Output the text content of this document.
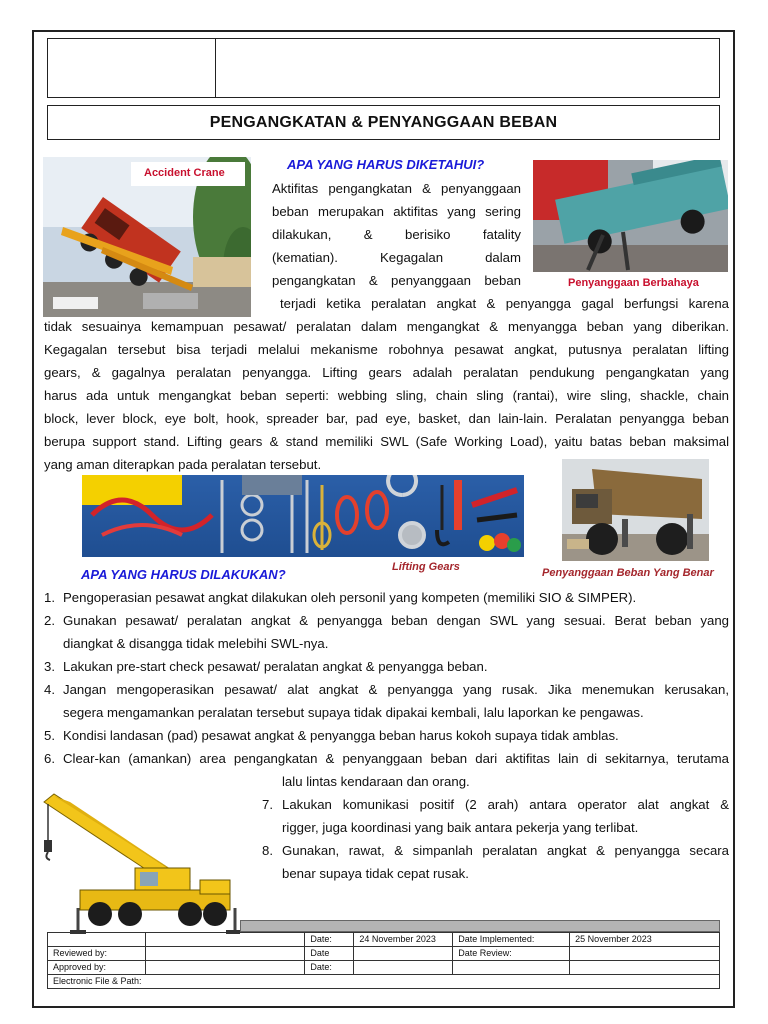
PENGANGKATAN & PENYANGGAAN BEBAN
Accident Crane
APA YANG HARUS DIKETAHUI?
Penyanggaan Berbahaya
Aktifitas pengangkatan & penyanggaan
beban merupakan aktifitas yang sering
dilakukan, & berisiko fatality
(kematian). Kegagalan dalam
pengangkatan & penyanggaan beban
terjadi ketika peralatan angkat & penyangga gagal berfungsi karena
tidak sesuainya kemampuan pesawat/ peralatan dalam mengangkat & menyangga beban yang diberikan.
Kegagalan tersebut bisa terjadi melalui mekanisme robohnya pesawat angkat, putusnya peralatan lifting
gears, & gagalnya peralatan penyangga. Lifting gears adalah peralatan pendukung pengangkatan yang
harus ada untuk mengangkat beban seperti: webbing sling, chain sling (rantai), wire sling, shackle, chain
block, lever block, eye bolt, hook, spreader bar, pad eye, basket, dan lain-lain. Peralatan penyangga beban
berupa support stand. Lifting gears & stand memiliki SWL (Safe Working Load), yaitu batas beban maksimal
yang aman diterapkan pada peralatan tersebut.
Lifting Gears	Penyanggaan Beban Yang Benar
APA YANG HARUS DILAKUKAN?
1. Pengoperasian pesawat angkat dilakukan oleh personil yang kompeten (memiliki SIO & SIMPER).
2. Gunakan pesawat/ peralatan angkat & penyangga beban dengan SWL yang sesuai. Berat beban yang
diangkat & disangga tidak melebihi SWL-nya.
3. Lakukan pre-start check pesawat/ peralatan angkat & penyangga beban.
4. Jangan mengoperasikan pesawat/ alat angkat & penyangga yang rusak. Jika menemukan kerusakan,
segera mengamankan peralatan tersebut supaya tidak dipakai kembali, lalu laporkan ke pengawas.
5. Kondisi landasan (pad) pesawat angkat & penyangga beban harus kokoh supaya tidak amblas.
6. Clear-kan (amankan) area pengangkatan & penyanggaan beban dari aktifitas lain di sekitarnya, terutama
lalu lintas kendaraan dan orang.
7. Lakukan komunikasi positif (2 arah) antara operator alat angkat &
rigger, juga koordinasi yang baik antara pekerja yang terlibat.
8. Gunakan, rawat, & simpanlah peralatan angkat & penyangga secara
benar supaya tidak cepat rusak.
		Date:	24 November 2023	Date Implemented:	25 November 2023
Reviewed by:		Date		Date Review:	
Approved by:		Date:			
Electronic File & Path:					
